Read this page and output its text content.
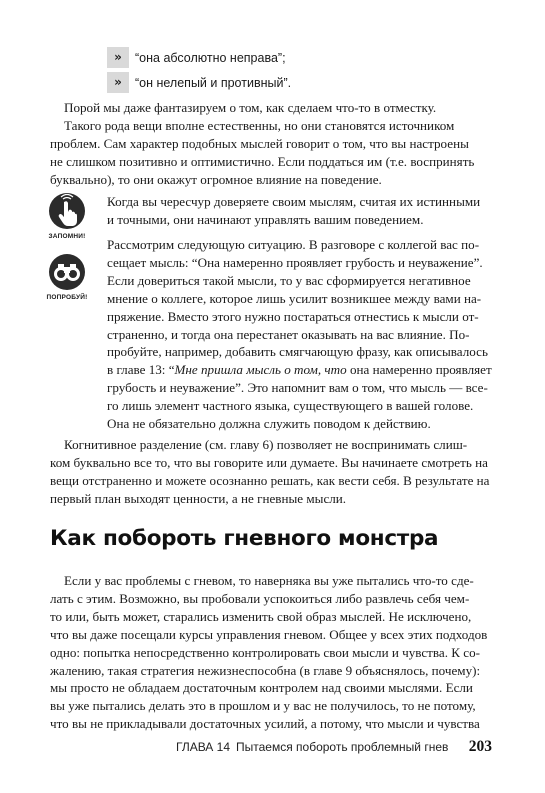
»	“она абсолютно неправа”;
»	“он нелепый и противный”.
Порой мы даже фантазируем о том, как сделаем что-то в отместку.
Такого рода вещи вполне естественны, но они становятся источником
проблем. Сам характер подобных мыслей говорит о том, что вы настроены
не слишком позитивно и оптимистично. Если поддаться им (т.е. воспринять
буквально), то они окажут огромное влияние на поведение.
ЗАПОМНИ!
Когда вы чересчур доверяете своим мыслям, считая их истинными
и точными, они начинают управлять вашим поведением.
ПОПРОБУЙ!
Рассмотрим следующую ситуацию. В разговоре с коллегой вас по-
сещает мысль: “Она намеренно проявляет грубость и неуважение”.
Если довериться такой мысли, то у вас сформируется негативное
мнение о коллеге, которое лишь усилит возникшее между вами на-
пряжение. Вместо этого нужно постараться отнестись к мысли от-
страненно, и тогда она перестанет оказывать на вас влияние. По-
пробуйте, например, добавить смягчающую фразу, как описывалось
в главе 13: “Мне пришла мысль о том, что она намеренно проявляет
грубость и неуважение”. Это напомнит вам о том, что мысль — все-
го лишь элемент частного языка, существующего в вашей голове.
Она не обязательно должна служить поводом к действию.
Когнитивное разделение (см. главу 6) позволяет не воспринимать слиш-
ком буквально все то, что вы говорите или думаете. Вы начинаете смотреть на
вещи отстраненно и можете осознанно решать, как вести себя. В результате на
первый план выходят ценности, а не гневные мысли.
Как побороть гневного монстра
Если у вас проблемы с гневом, то наверняка вы уже пытались что-то сде-
лать с этим. Возможно, вы пробовали успокоиться либо развлечь себя чем-
то или, быть может, старались изменить свой образ мыслей. Не исключено,
что вы даже посещали курсы управления гневом. Общее у всех этих подходов
одно: попытка непосредственно контролировать свои мысли и чувства. К со-
жалению, такая стратегия нежизнеспособна (в главе 9 объяснялось, почему):
мы просто не обладаем достаточным контролем над своими мыслями. Если
вы уже пытались делать это в прошлом и у вас не получилось, то не потому,
что вы не прикладывали достаточных усилий, а потому, что мысли и чувства
ГЛАВА 14 Пытаемся побороть проблемный гнев 203
